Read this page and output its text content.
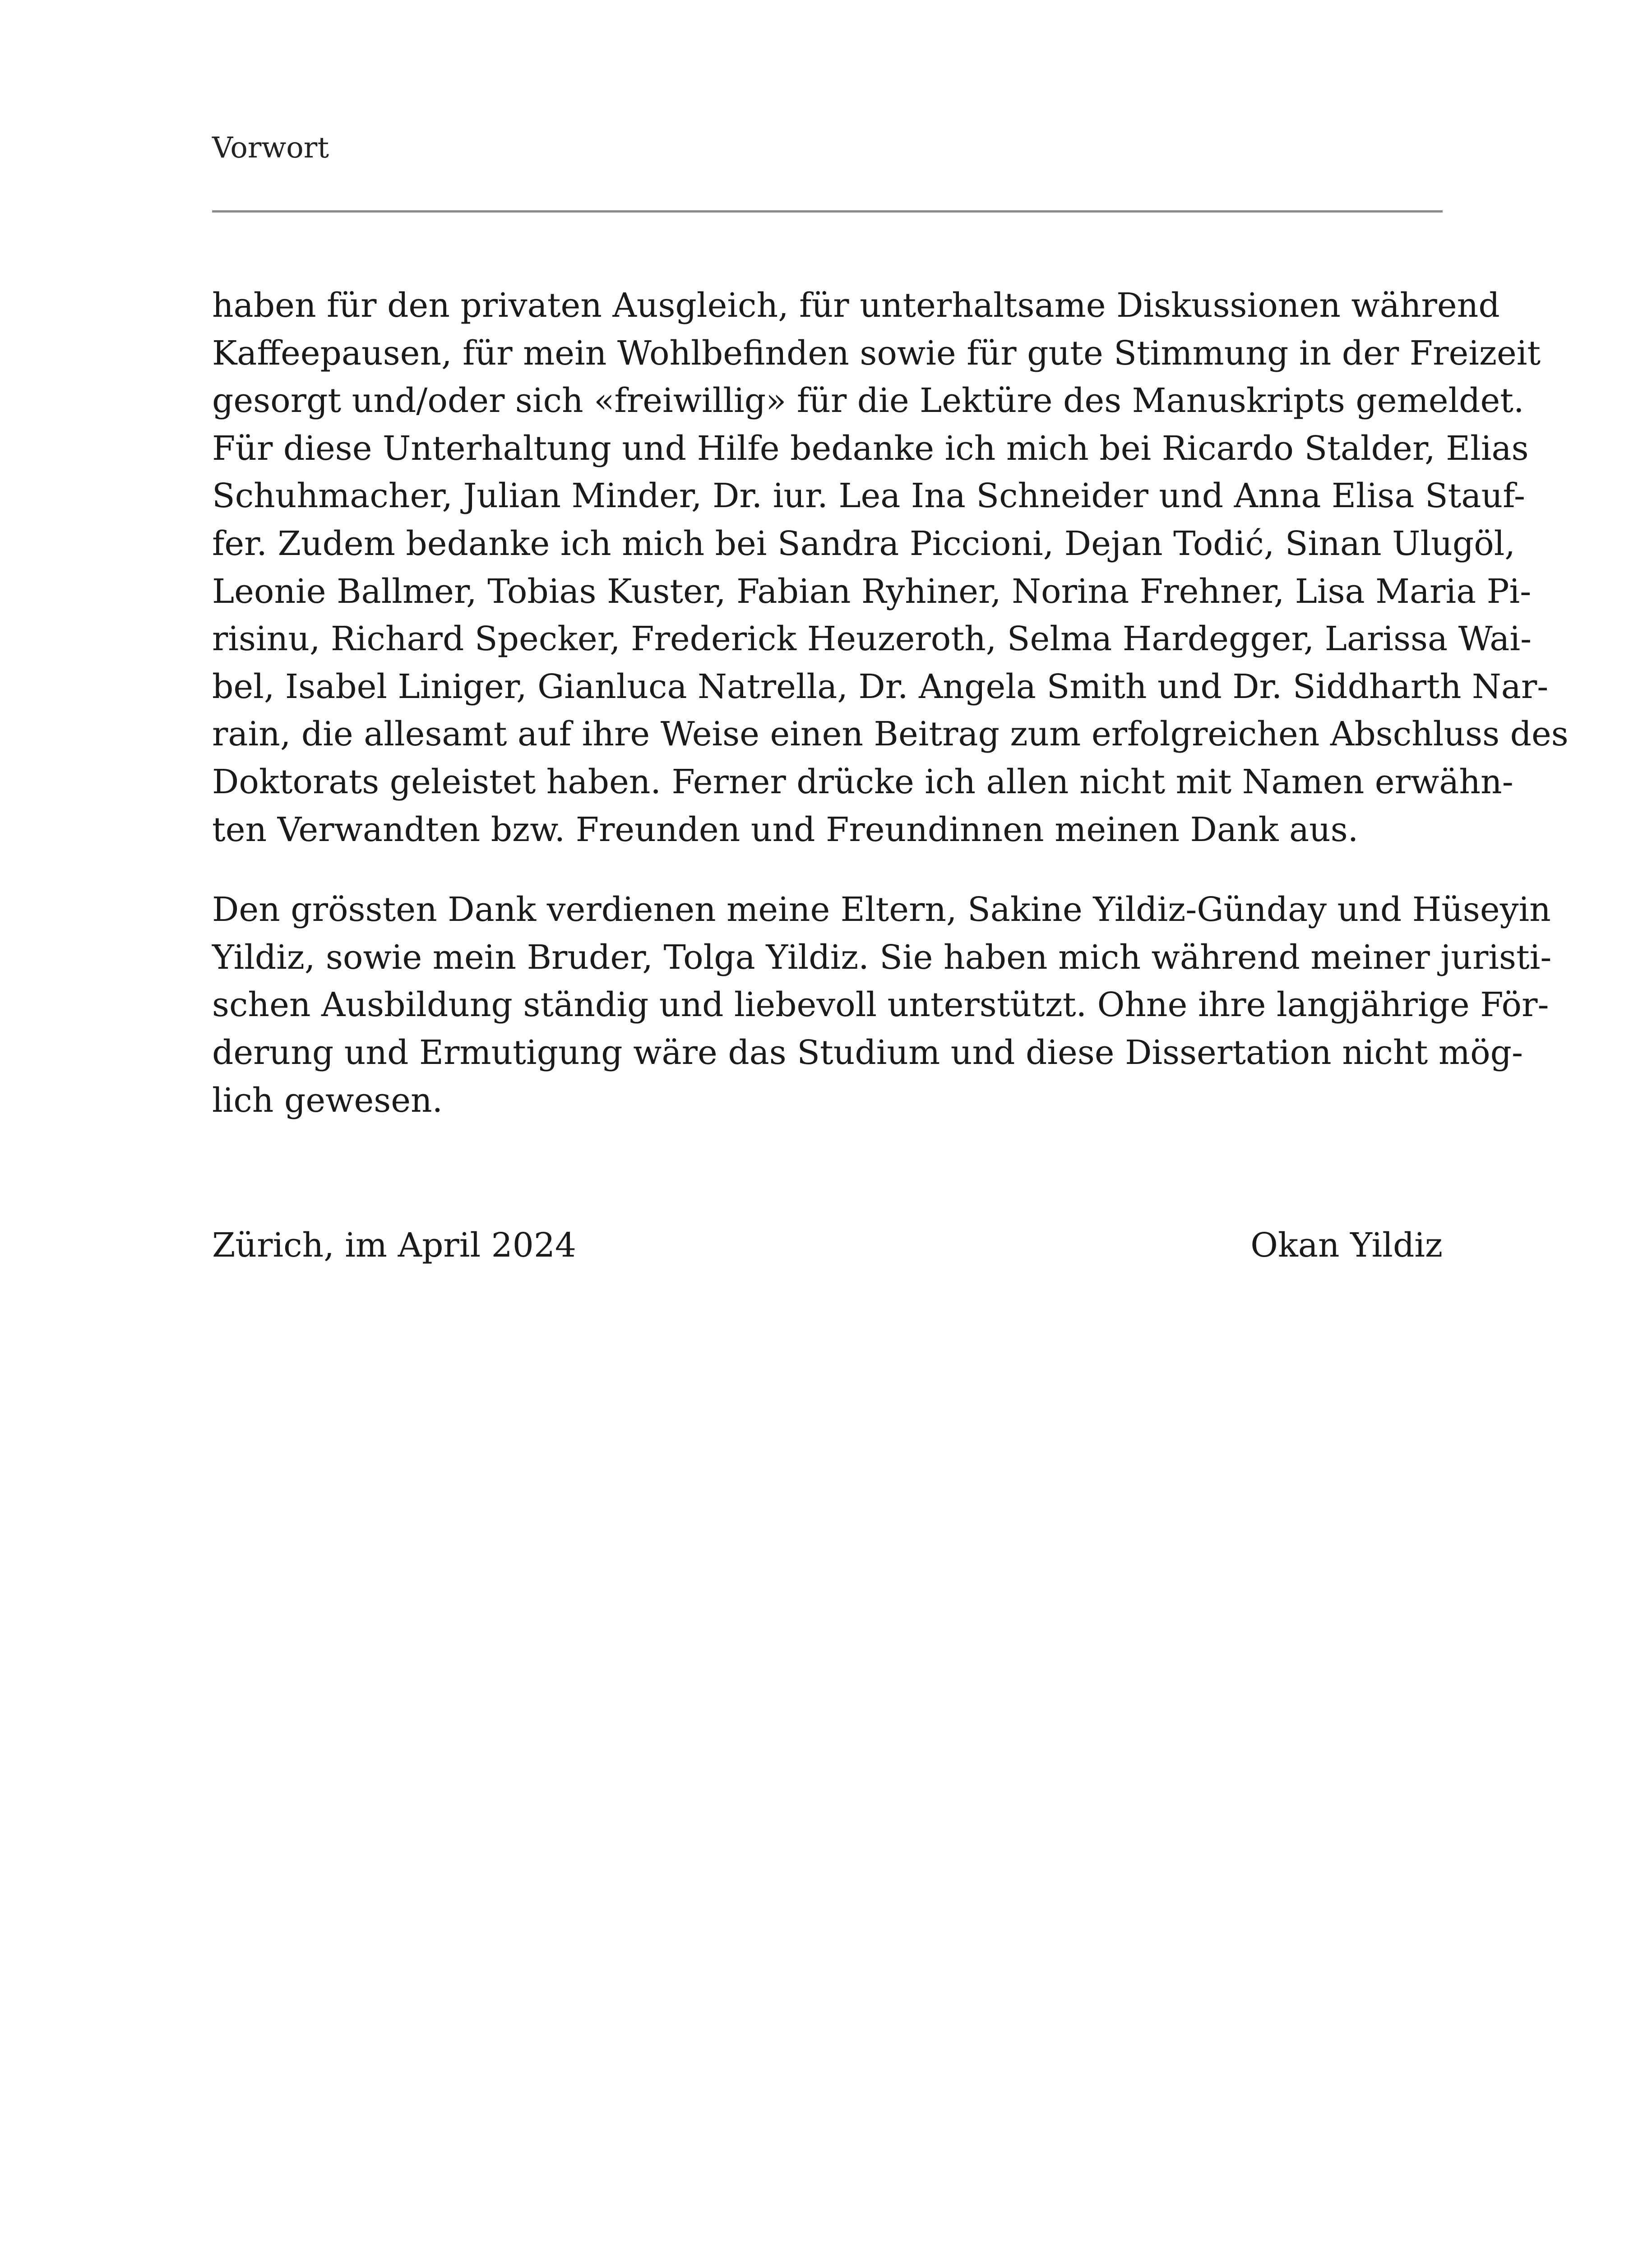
Vorwort
haben für den privaten Ausgleich, für unterhaltsame Diskussionen während
Kaffeepausen, für mein Wohlbefinden sowie für gute Stimmung in der Freizeit
gesorgt und/oder sich «freiwillig» für die Lektüre des Manuskripts gemeldet.
Für diese Unterhaltung und Hilfe bedanke ich mich bei Ricardo Stalder, Elias
Schuhmacher, Julian Minder, Dr. iur. Lea Ina Schneider und Anna Elisa Stauf-
fer. Zudem bedanke ich mich bei Sandra Piccioni, Dejan Todić, Sinan Ulugöl,
Leonie Ballmer, Tobias Kuster, Fabian Ryhiner, Norina Frehner, Lisa Maria Pi-
risinu, Richard Specker, Frederick Heuzeroth, Selma Hardegger, Larissa Wai-
bel, Isabel Liniger, Gianluca Natrella, Dr. Angela Smith und Dr. Siddharth Nar-
rain, die allesamt auf ihre Weise einen Beitrag zum erfolgreichen Abschluss des
Doktorats geleistet haben. Ferner drücke ich allen nicht mit Namen erwähn-
ten Verwandten bzw. Freunden und Freundinnen meinen Dank aus.
Den grössten Dank verdienen meine Eltern, Sakine Yildiz-Günday und Hüseyin
Yildiz, sowie mein Bruder, Tolga Yildiz. Sie haben mich während meiner juristi-
schen Ausbildung ständig und liebevoll unterstützt. Ohne ihre langjährige För-
derung und Ermutigung wäre das Studium und diese Dissertation nicht mög-
lich gewesen.
Zürich, im April 2024	Okan Yildiz
